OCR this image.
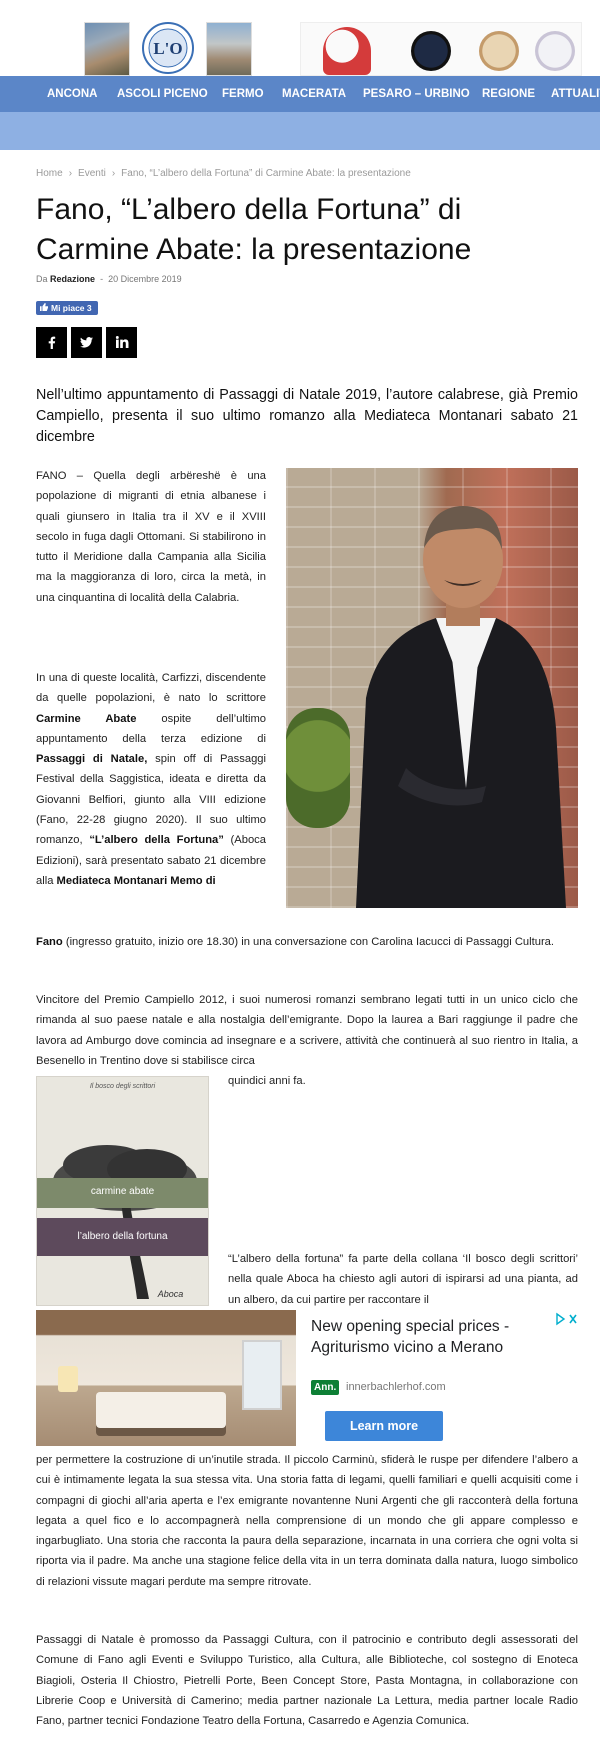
L'O
ANCONA ASCOLI PICENO FERMO MACERATA PESARO – URBINO REGIONE ATTUALITÀ
Home › Eventi › Fano, “L’albero della Fortuna” di Carmine Abate: la presentazione
Fano, “L’albero della Fortuna” di Carmine Abate: la presentazione
Da Redazione  -  20 Dicembre 2019
Mi piace 3

Nell’ultimo appuntamento di Passaggi di Natale 2019, l’autore calabrese, già Premio Campiello, presenta il suo ultimo romanzo alla Mediateca Montanari sabato 21 dicembre

FANO – Quella degli arbëreshë è una popolazione di migranti di etnia albanese i quali giunsero in Italia tra il XV e il XVIII secolo in fuga dagli Ottomani. Si stabilirono in tutto il Meridione dalla Campania alla Sicilia ma la maggioranza di loro, circa la metà, in una cinquantina di località della Calabria.
In una di queste località, Carfizzi, discendente da quelle popolazioni, è nato lo scrittore Carmine Abate ospite dell’ultimo appuntamento della terza edizione di Passaggi di Natale, spin off di Passaggi Festival della Saggistica, ideata e diretta da Giovanni Belfiori, giunto alla VIII edizione (Fano, 22-28 giugno 2020). Il suo ultimo romanzo, “L’albero della Fortuna” (Aboca Edizioni), sarà presentato sabato 21 dicembre alla Mediateca Montanari Memo di
Fano (ingresso gratuito, inizio ore 18.30) in una conversazione con Carolina Iacucci di Passaggi Cultura.
Vincitore del Premio Campiello 2012, i suoi numerosi romanzi sembrano legati tutti in un unico ciclo che rimanda al suo paese natale e alla nostalgia dell’emigrante. Dopo la laurea a Bari raggiunge il padre che lavora ad Amburgo dove comincia ad insegnare e a scrivere, attività che continuerà al suo rientro in Italia, a Besenello in Trentino dove si stabilisce circa
quindici anni fa.
Il bosco degli scrittori
carmine abate
l’albero della fortuna
Aboca
“L’albero della fortuna” fa parte della collana ‘Il bosco degli scrittori’ nella quale Aboca ha chiesto agli autori di ispirarsi ad una pianta, ad un albero, da cui partire per raccontare il
New opening special prices - Agriturismo vicino a Merano
Ann. innerbachlerhof.com
Learn more
per permettere la costruzione di un’inutile strada. Il piccolo Carminù, sfiderà le ruspe per difendere l’albero a cui è intimamente legata la sua stessa vita. Una storia fatta di legami, quelli familiari e quelli acquisiti come i compagni di giochi all’aria aperta e l’ex emigrante novantenne Nuni Argenti che gli racconterà della fortuna legata a quel fico e lo accompagnerà nella comprensione di un mondo che gli appare complesso e ingarbugliato. Una storia che racconta la paura della separazione, incarnata in una corriera che ogni volta si riporta via il padre. Ma anche una stagione felice della vita in un terra dominata dalla natura, luogo simbolico di relazioni vissute magari perdute ma sempre ritrovate.
Passaggi di Natale è promosso da Passaggi Cultura, con il patrocinio e contributo degli assessorati del Comune di Fano agli Eventi e Sviluppo Turistico, alla Cultura, alle Biblioteche, col sostegno di Enoteca Biagioli, Osteria Il Chiostro, Pietrelli Porte, Been Concept Store, Pasta Montagna, in collaborazione con Librerie Coop e Università di Camerino; media partner nazionale La Lettura, media partner locale Radio Fano, partner tecnici Fondazione Teatro della Fortuna, Casarredo e Agenzia Comunica.
